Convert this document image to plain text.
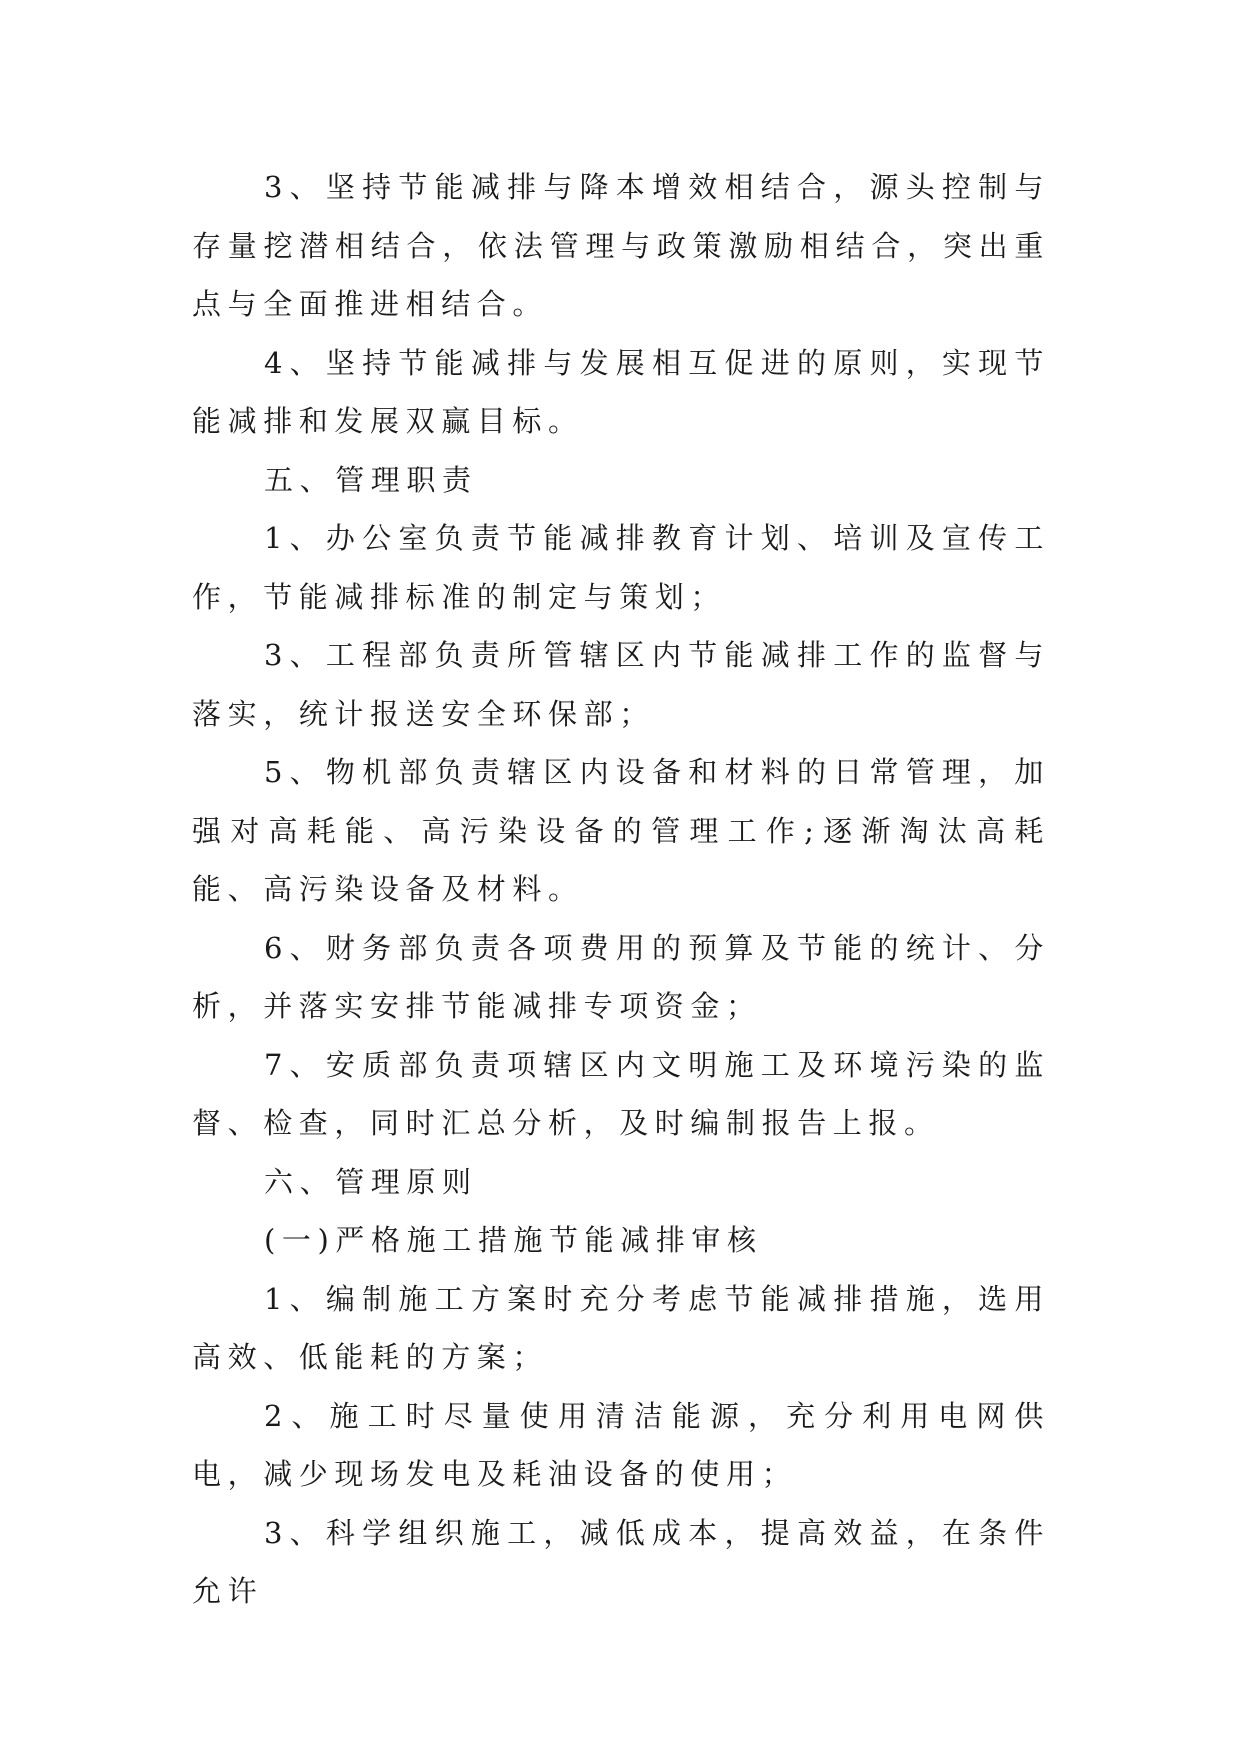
3、坚持节能减排与降本增效相结合，源头控制与存量挖潜相结合，依法管理与政策激励相结合，突出重点与全面推进相结合。

4、坚持节能减排与发展相互促进的原则，实现节能减排和发展双赢目标。

五、管理职责

1、办公室负责节能减排教育计划、培训及宣传工作，节能减排标准的制定与策划；

3、工程部负责所管辖区内节能减排工作的监督与落实，统计报送安全环保部；

5、物机部负责辖区内设备和材料的日常管理，加强对高耗能、高污染设备的管理工作;逐渐淘汰高耗能、高污染设备及材料。

6、财务部负责各项费用的预算及节能的统计、分析，并落实安排节能减排专项资金；

7、安质部负责项辖区内文明施工及环境污染的监督、检查，同时汇总分析，及时编制报告上报。

六、管理原则

(一)严格施工措施节能减排审核

1、编制施工方案时充分考虑节能减排措施，选用高效、低能耗的方案；

2、施工时尽量使用清洁能源，充分利用电网供电，减少现场发电及耗油设备的使用；

3、科学组织施工，减低成本，提高效益，在条件允许
